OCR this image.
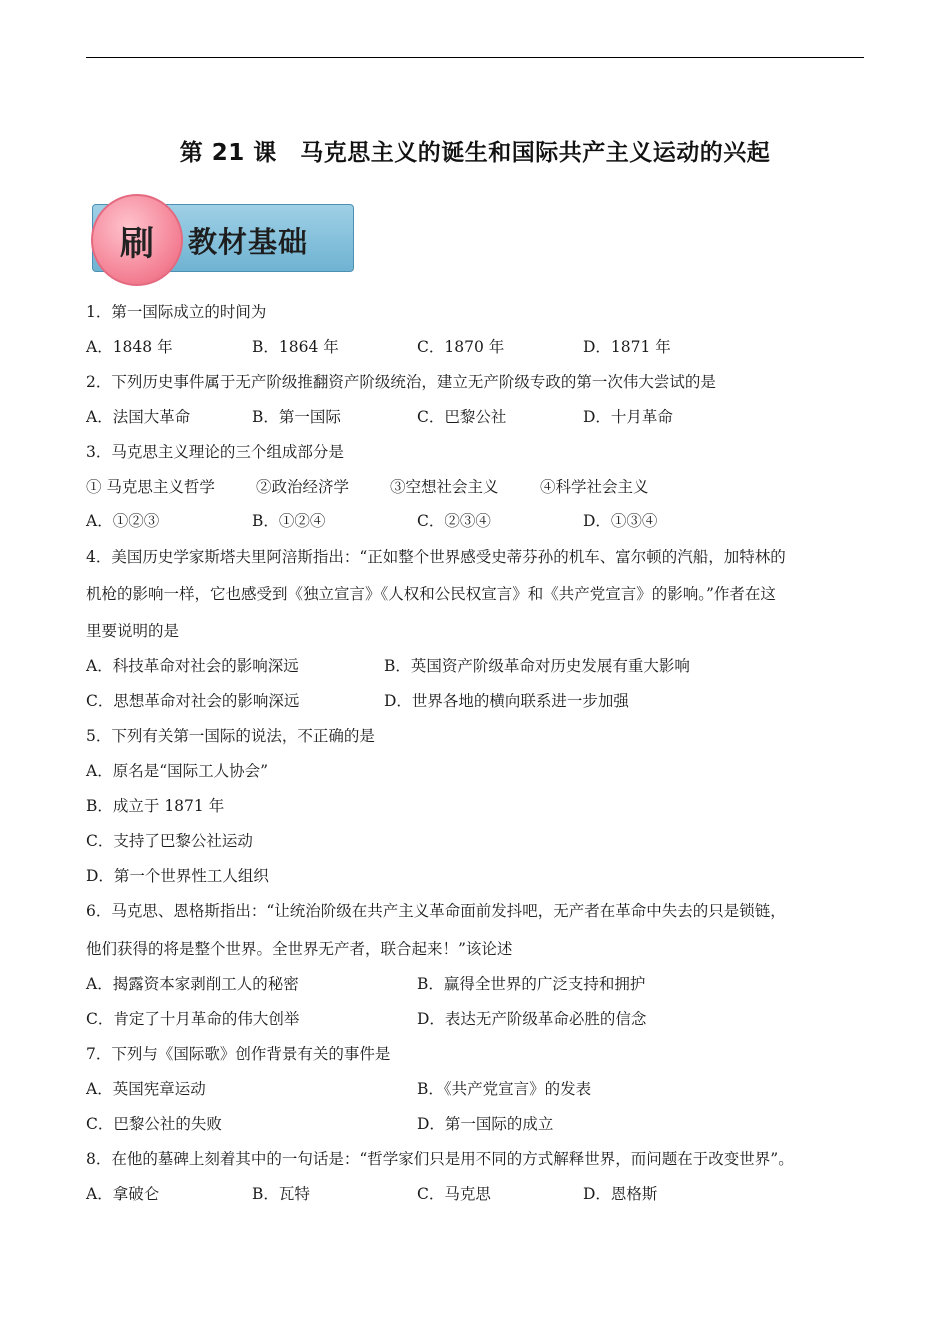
第 21 课　马克思主义的诞生和国际共产主义运动的兴起
刷	教材基础
1．第一国际成立的时间为
A．1848 年	B．1864 年	C．1870 年	D．1871 年
2．下列历史事件属于无产阶级推翻资产阶级统治，建立无产阶级专政的第一次伟大尝试的是
A．法国大革命	B．第一国际	C．巴黎公社	D．十月革命
3．马克思主义理论的三个组成部分是
① 马克思主义哲学	②政治经济学	③空想社会主义	④科学社会主义
A．①②③	B．①②④	C．②③④	D．①③④
4．美国历史学家斯塔夫里阿涪斯指出：“正如整个世界感受史蒂芬孙的机车、富尔顿的汽船，加特林的
机枪的影响一样，它也感受到《独立宣言》《人权和公民权宣言》和《共产党宣言》的影响。”作者在这
里要说明的是
A．科技革命对社会的影响深远	B．英国资产阶级革命对历史发展有重大影响
C．思想革命对社会的影响深远	D．世界各地的横向联系进一步加强
5．下列有关第一国际的说法，不正确的是
A．原名是“国际工人协会”
B．成立于 1871 年
C．支持了巴黎公社运动
D．第一个世界性工人组织
6．马克思、恩格斯指出：“让统治阶级在共产主义革命面前发抖吧，无产者在革命中失去的只是锁链，
他们获得的将是整个世界。全世界无产者，联合起来！”该论述
A．揭露资本家剥削工人的秘密	B．赢得全世界的广泛支持和拥护
C．肯定了十月革命的伟大创举	D．表达无产阶级革命必胜的信念
7．下列与《国际歌》创作背景有关的事件是
A．英国宪章运动	B．《共产党宣言》的发表
C．巴黎公社的失败	D．第一国际的成立
8．在他的墓碑上刻着其中的一句话是：“哲学家们只是用不同的方式解释世界，而问题在于改变世界”。
A．拿破仑	B．瓦特	C．马克思	D．恩格斯
